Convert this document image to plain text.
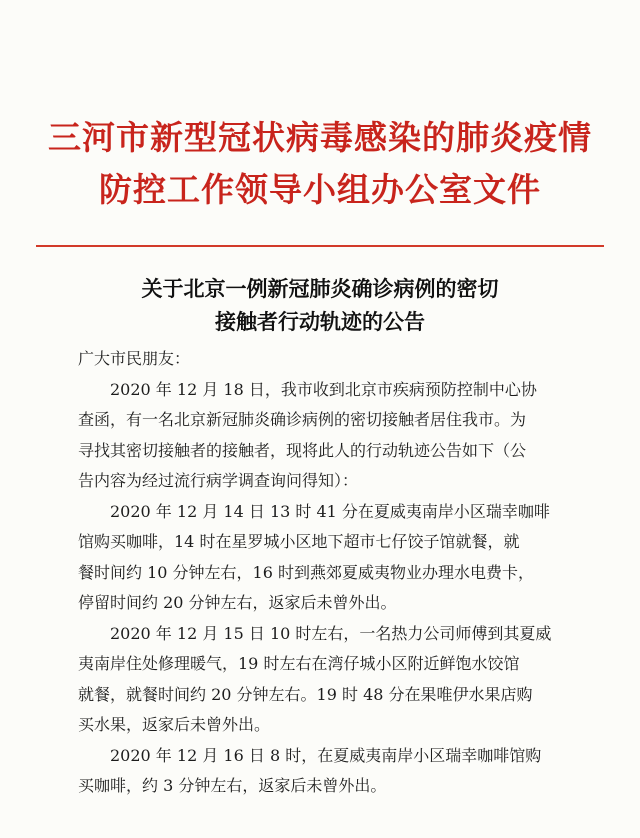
三河市新型冠状病毒感染的肺炎疫情
防控工作领导小组办公室文件
关于北京一例新冠肺炎确诊病例的密切
接触者行动轨迹的公告
广大市民朋友：
2020 年 12 月 18 日，我市收到北京市疾病预防控制中心协
查函，有一名北京新冠肺炎确诊病例的密切接触者居住我市。为
寻找其密切接触者的接触者，现将此人的行动轨迹公告如下（公
告内容为经过流行病学调查询问得知）：
2020 年 12 月 14 日 13 时 41 分在夏威夷南岸小区瑞幸咖啡
馆购买咖啡，14 时在星罗城小区地下超市七仔饺子馆就餐，就
餐时间约 10 分钟左右，16 时到燕郊夏威夷物业办理水电费卡，
停留时间约 20 分钟左右，返家后未曾外出。
2020 年 12 月 15 日 10 时左右，一名热力公司师傅到其夏威
夷南岸住处修理暖气，19 时左右在湾仔城小区附近鲜饱水饺馆
就餐，就餐时间约 20 分钟左右。19 时 48 分在果唯伊水果店购
买水果，返家后未曾外出。
2020 年 12 月 16 日 8 时，在夏威夷南岸小区瑞幸咖啡馆购
买咖啡，约 3 分钟左右，返家后未曾外出。
